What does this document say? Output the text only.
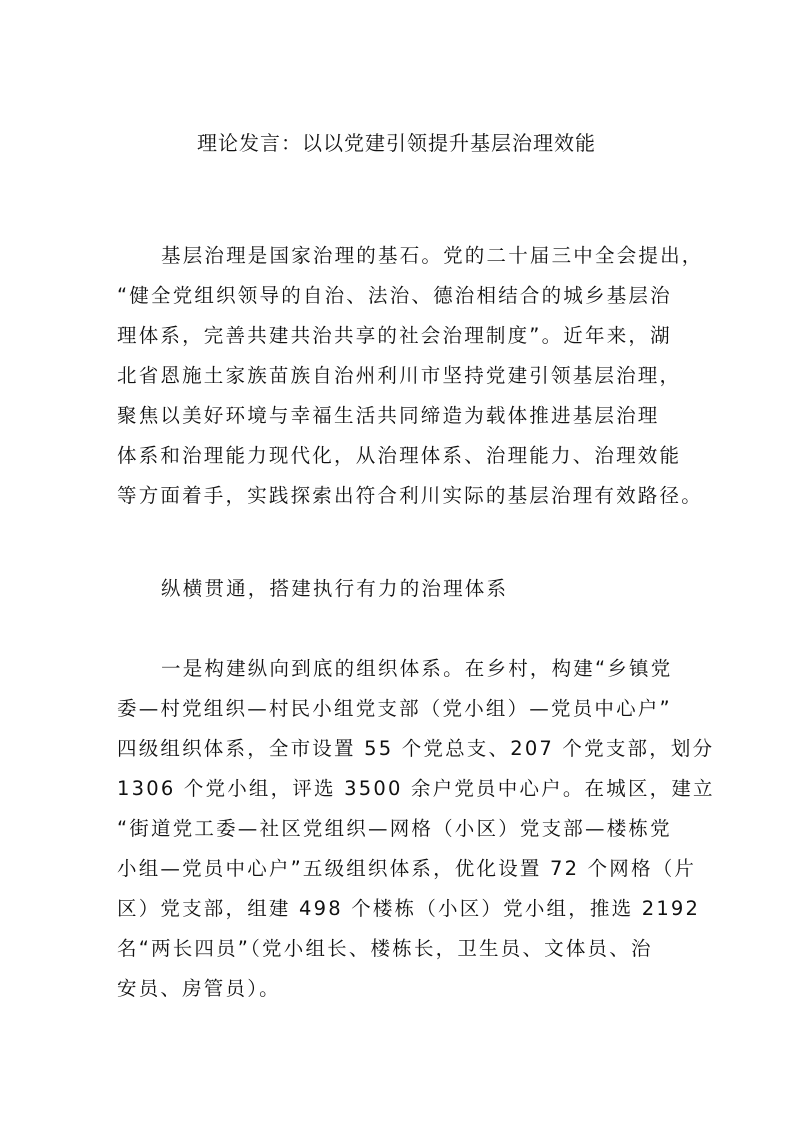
理论发言：以以党建引领提升基层治理效能
基层治理是国家治理的基石。党的二十届三中全会提出，
“健全党组织领导的自治、法治、德治相结合的城乡基层治
理体系，完善共建共治共享的社会治理制度”。近年来，湖
北省恩施土家族苗族自治州利川市坚持党建引领基层治理，
聚焦以美好环境与幸福生活共同缔造为载体推进基层治理
体系和治理能力现代化，从治理体系、治理能力、治理效能
等方面着手，实践探索出符合利川实际的基层治理有效路径。
纵横贯通，搭建执行有力的治理体系
一是构建纵向到底的组织体系。在乡村，构建“乡镇党
委—村党组织—村民小组党支部（党小组）—党员中心户”
四级组织体系，全市设置 55 个党总支、207 个党支部，划分
1306 个党小组，评选 3500 余户党员中心户。在城区，建立
“街道党工委—社区党组织—网格（小区）党支部—楼栋党
小组—党员中心户”五级组织体系，优化设置 72 个网格（片
区）党支部，组建 498 个楼栋（小区）党小组，推选 2192
名“两长四员”（党小组长、楼栋长，卫生员、文体员、治
安员、房管员）。
